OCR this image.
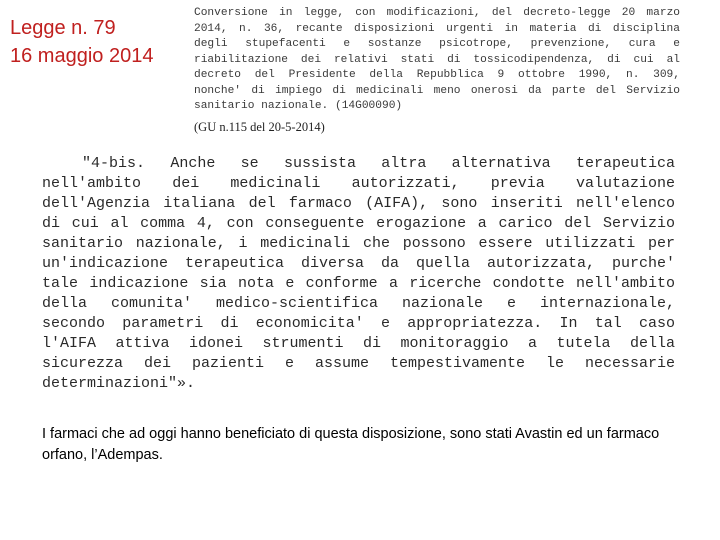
Legge n. 79
16 maggio 2014
Conversione in legge, con modificazioni, del decreto-legge 20 marzo
2014, n. 36, recante disposizioni urgenti in materia di disciplina
degli stupefacenti e sostanze psicotrope, prevenzione, cura e
riabilitazione dei relativi stati di tossicodipendenza, di cui al
decreto del Presidente della Repubblica 9 ottobre 1990, n. 309,
nonche' di impiego di medicinali meno onerosi da parte del Servizio
sanitario nazionale. (14G00090)
(GU n.115 del 20-5-2014)
"4-bis. Anche se sussista altra alternativa terapeutica
nell'ambito dei medicinali autorizzati, previa valutazione
dell'Agenzia italiana del farmaco (AIFA), sono inseriti nell'elenco
di cui al comma 4, con conseguente erogazione a carico del Servizio
sanitario nazionale, i medicinali che possono essere utilizzati per
un'indicazione terapeutica diversa da quella autorizzata, purche'
tale indicazione sia nota e conforme a ricerche condotte nell'ambito
della comunita' medico-scientifica nazionale e internazionale,
secondo parametri di economicita' e appropriatezza. In tal caso
l'AIFA attiva idonei strumenti di monitoraggio a tutela della
sicurezza dei pazienti e assume tempestivamente le necessarie
determinazioni"».
I farmaci che ad oggi hanno beneficiato di questa disposizione, sono stati Avastin ed un farmaco orfano, l’Adempas.
